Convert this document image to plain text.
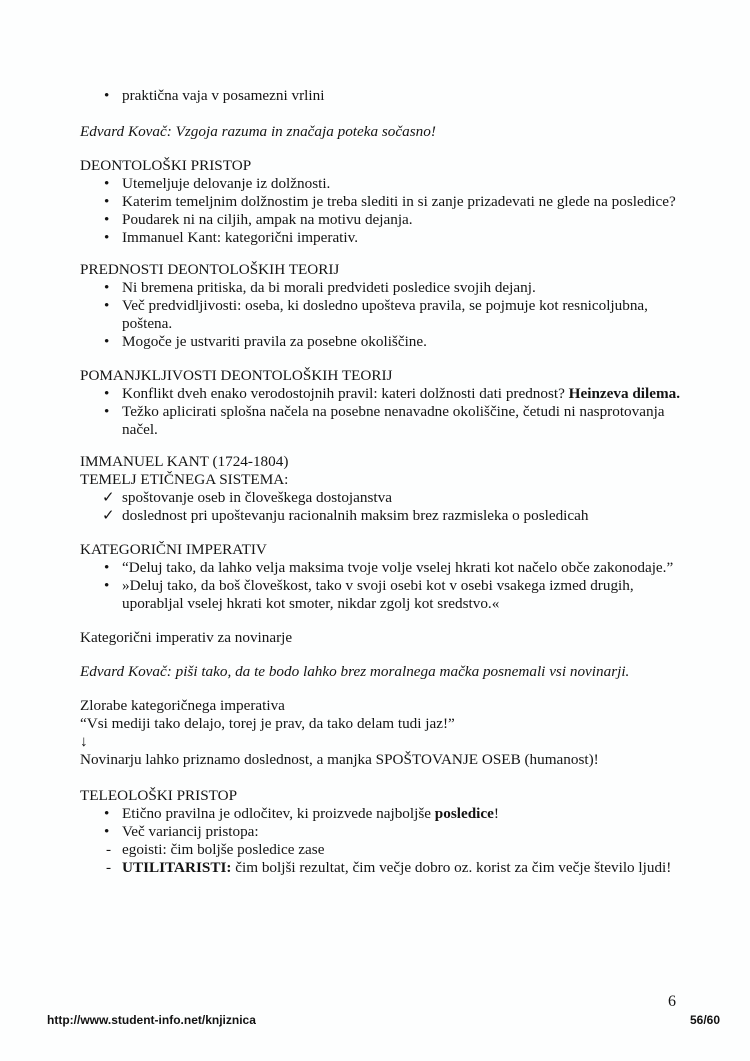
• praktična vaja v posamezni vrlini

Edvard Kovač: Vzgoja razuma in značaja poteka sočasno!

DEONTOLOŠKI PRISTOP

• Utemeljuje delovanje iz dolžnosti.
• Katerim temeljnim dolžnostim je treba slediti in si zanje prizadevati ne glede na posledice?
• Poudarek ni na ciljih, ampak na motivu dejanja.
• Immanuel Kant: kategorični imperativ.

PREDNOSTI DEONTOLOŠKIH TEORIJ

• Ni bremena pritiska, da bi morali predvideti posledice svojih dejanj.
• Več predvidljivosti: oseba, ki dosledno upošteva pravila, se pojmuje kot resnicoljubna, poštena.
• Mogoče je ustvariti pravila za posebne okoliščine.

POMANJKLJIVOSTI DEONTOLOŠKIH TEORIJ

• Konflikt dveh enako verodostojnih pravil: kateri dolžnosti dati prednost? Heinzeva dilema.
• Težko aplicirati splošna načela na posebne nenavadne okoliščine, četudi ni nasprotovanja načel.

IMMANUEL KANT (1724-1804)

TEMELJ ETIČNEGA SISTEMA:

✓ spoštovanje oseb in človeškega dostojanstva
✓ doslednost pri upoštevanju racionalnih maksim brez razmisleka o posledicah

KATEGORIČNI IMPERATIV

• “Deluj tako, da lahko velja maksima tvoje volje vselej hkrati kot načelo obče zakonodaje.”
• »Deluj tako, da boš človeškost, tako v svoji osebi kot v osebi vsakega izmed drugih, uporabljal vselej hkrati kot smoter, nikdar zgolj kot sredstvo.«

Kategorični imperativ za novinarje

Edvard Kovač: piši tako, da te bodo lahko brez moralnega mačka posnemali vsi novinarji.

Zlorabe kategoričnega imperativa

“Vsi mediji tako delajo, torej je prav, da tako delam tudi jaz!”

↓

Novinarju lahko priznamo doslednost, a manjka SPOŠTOVANJE OSEB (humanost)!

TELEOLOŠKI PRISTOP

• Etično pravilna je odločitev, ki proizvede najboljše posledice!
• Več variancij pristopa:
- egoisti: čim boljše posledice zase
- UTILITARISTI: čim boljši rezultat, čim večje dobro oz. korist za čim večje število ljudi!
6
http://www.student-info.net/knjiznica	56/60
